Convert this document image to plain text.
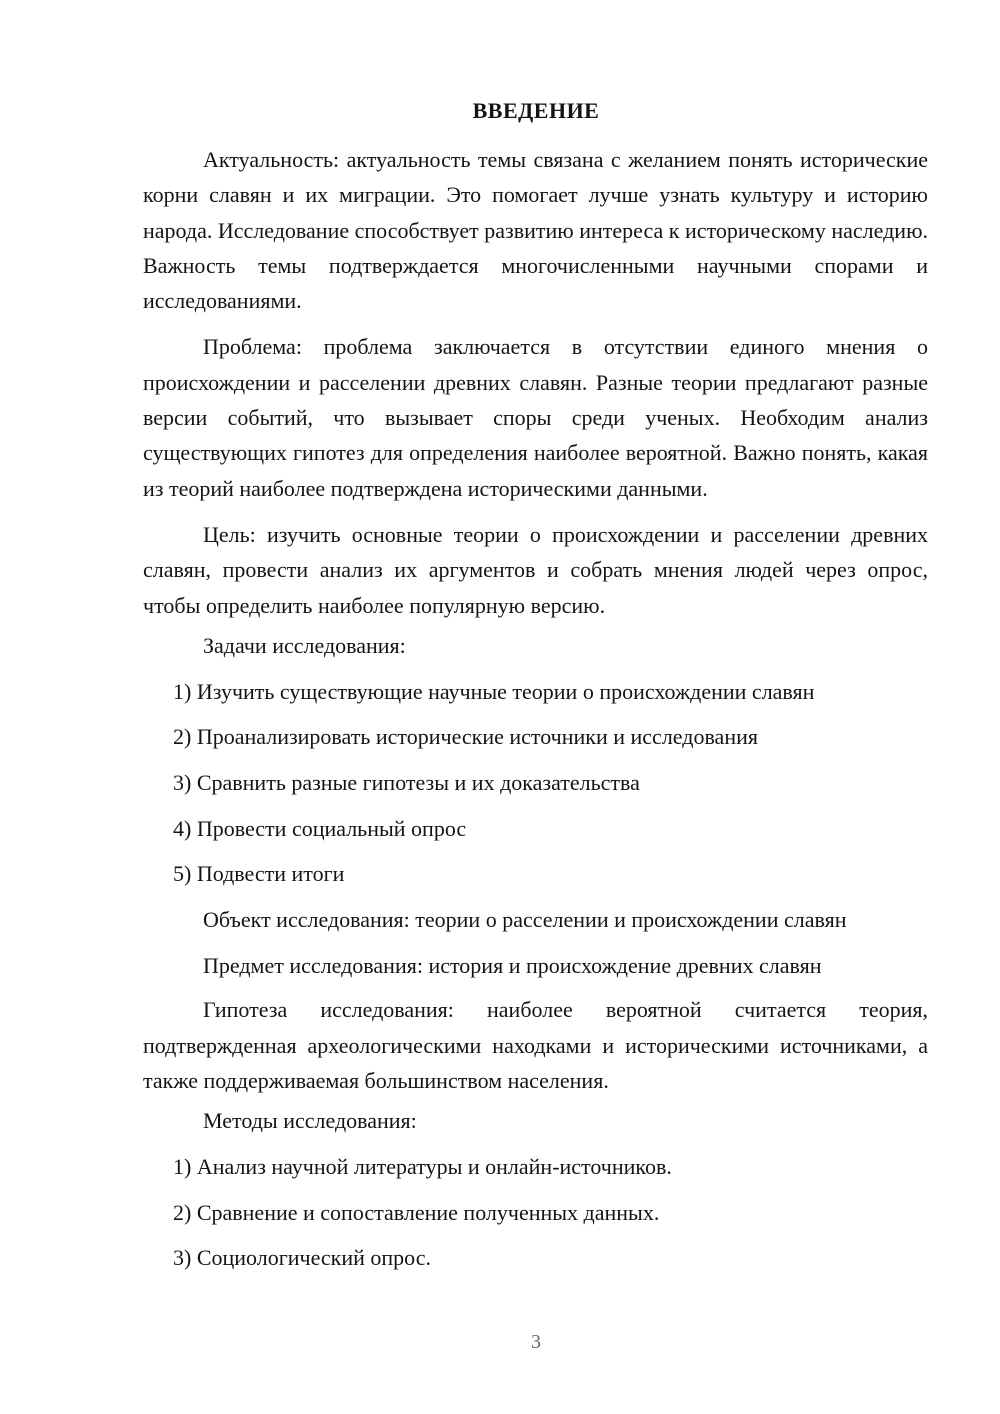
ВВЕДЕНИЕ

Актуальность: актуальность темы связана с желанием понять исторические корни славян и их миграции. Это помогает лучше узнать культуру и историю народа. Исследование способствует развитию интереса к историческому наследию. Важность темы подтверждается многочисленными научными спорами и исследованиями.

Проблема: проблема заключается в отсутствии единого мнения о происхождении и расселении древних славян. Разные теории предлагают разные версии событий, что вызывает споры среди ученых. Необходим анализ существующих гипотез для определения наиболее вероятной. Важно понять, какая из теорий наиболее подтверждена историческими данными.

Цель: изучить основные теории о происхождении и расселении древних славян, провести анализ их аргументов и собрать мнения людей через опрос, чтобы определить наиболее популярную версию.

Задачи исследования:

1) Изучить существующие научные теории о происхождении славян

2) Проанализировать исторические источники и исследования

3) Сравнить разные гипотезы и их доказательства

4) Провести социальный опрос

5) Подвести итоги

Объект исследования: теории о расселении и происхождении славян

Предмет исследования: история и происхождение древних славян

Гипотеза исследования: наиболее вероятной считается теория, подтвержденная археологическими находками и историческими источниками, а также поддерживаемая большинством населения.

Методы исследования:

1) Анализ научной литературы и онлайн-источников.

2) Сравнение и сопоставление полученных данных.

3) Социологический опрос.

3
